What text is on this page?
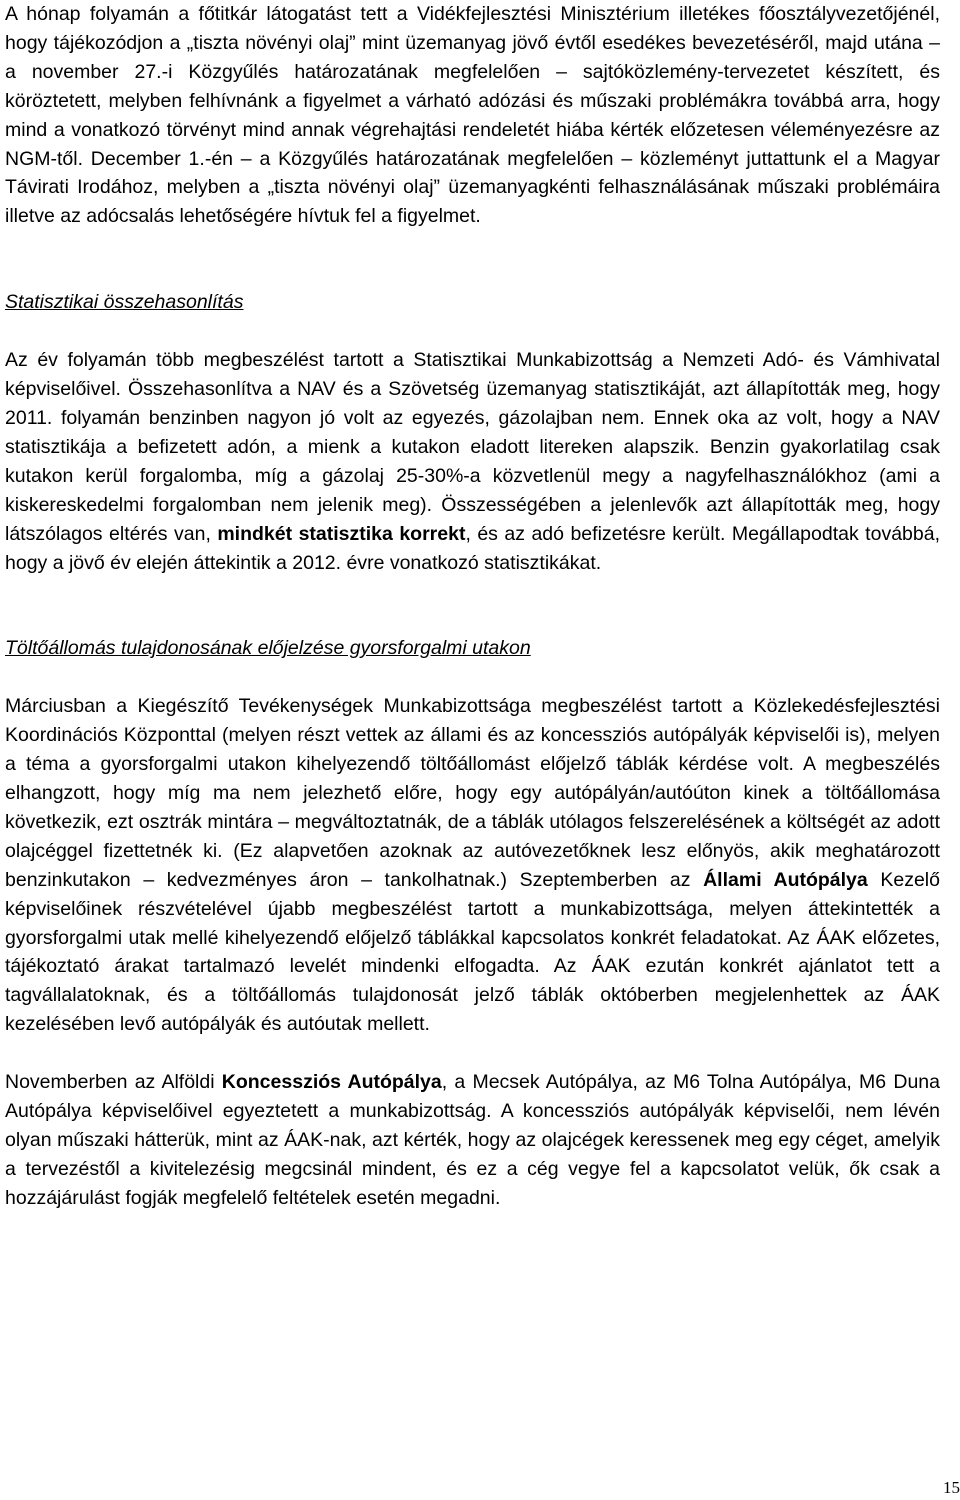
A hónap folyamán a főtitkár látogatást tett a Vidékfejlesztési Minisztérium illetékes főosztályvezetőjénél, hogy tájékozódjon a „tiszta növényi olaj” mint üzemanyag jövő évtől esedékes bevezetéséről, majd utána – a november 27.-i Közgyűlés határozatának megfelelően – sajtóközlemény-tervezetet készített, és köröztetett, melyben felhívnánk a figyelmet a várható adózási és műszaki problémákra továbbá arra, hogy mind a vonatkozó törvényt mind annak végrehajtási rendeletét hiába kérték előzetesen véleményezésre az NGM-től. December 1.-én – a Közgyűlés határozatának megfelelően – közleményt juttattunk el a Magyar Távirati Irodához, melyben a „tiszta növényi olaj” üzemanyagkénti felhasználásának műszaki problémáira illetve az adócsalás lehetőségére hívtuk fel a figyelmet.

Statisztikai összehasonlítás

Az év folyamán több megbeszélést tartott a Statisztikai Munkabizottság a Nemzeti Adó- és Vámhivatal képviselőivel. Összehasonlítva a NAV és a Szövetség üzemanyag statisztikáját, azt állapították meg, hogy 2011. folyamán benzinben nagyon jó volt az egyezés, gázolajban nem. Ennek oka az volt, hogy a NAV statisztikája a befizetett adón, a mienk a kutakon eladott litereken alapszik. Benzin gyakorlatilag csak kutakon kerül forgalomba, míg a gázolaj 25-30%-a közvetlenül megy a nagyfelhasználókhoz (ami a kiskereskedelmi forgalomban nem jelenik meg). Összességében a jelenlevők azt állapították meg, hogy látszólagos eltérés van, mindkét statisztika korrekt, és az adó befizetésre került. Megállapodtak továbbá, hogy a jövő év elején áttekintik a 2012. évre vonatkozó statisztikákat.

Töltőállomás tulajdonosának előjelzése gyorsforgalmi utakon

Márciusban a Kiegészítő Tevékenységek Munkabizottsága megbeszélést tartott a Közlekedésfejlesztési Koordinációs Központtal (melyen részt vettek az állami és az koncessziós autópályák képviselői is), melyen a téma a gyorsforgalmi utakon kihelyezendő töltőállomást előjelző táblák kérdése volt. A megbeszélés elhangzott, hogy míg ma nem jelezhető előre, hogy egy autópályán/autóúton kinek a töltőállomása következik, ezt osztrák mintára – megváltoztatnák, de a táblák utólagos felszerelésének a költségét az adott olajcéggel fizettetnék ki. (Ez alapvetően azoknak az autóvezetőknek lesz előnyös, akik meghatározott benzinkutakon – kedvezményes áron – tankolhatnak.) Szeptemberben az Állami Autópálya Kezelő képviselőinek részvételével újabb megbeszélést tartott a munkabizottsága, melyen áttekintették a gyorsforgalmi utak mellé kihelyezendő előjelző táblákkal kapcsolatos konkrét feladatokat. Az ÁAK előzetes, tájékoztató árakat tartalmazó levelét mindenki elfogadta. Az ÁAK ezután konkrét ajánlatot tett a tagvállalatoknak, és a töltőállomás tulajdonosát jelző táblák októberben megjelenhettek az ÁAK kezelésében levő autópályák és autóutak mellett.

Novemberben az Alföldi Koncessziós Autópálya, a Mecsek Autópálya, az M6 Tolna Autópálya, M6 Duna Autópálya képviselőivel egyeztetett a munkabizottság. A koncessziós autópályák képviselői, nem lévén olyan műszaki hátterük, mint az ÁAK-nak, azt kérték, hogy az olajcégek keressenek meg egy céget, amelyik a tervezéstől a kivitelezésig megcsinál mindent, és ez a cég vegye fel a kapcsolatot velük, ők csak a hozzájárulást fogják megfelelő feltételek esetén megadni.

15
